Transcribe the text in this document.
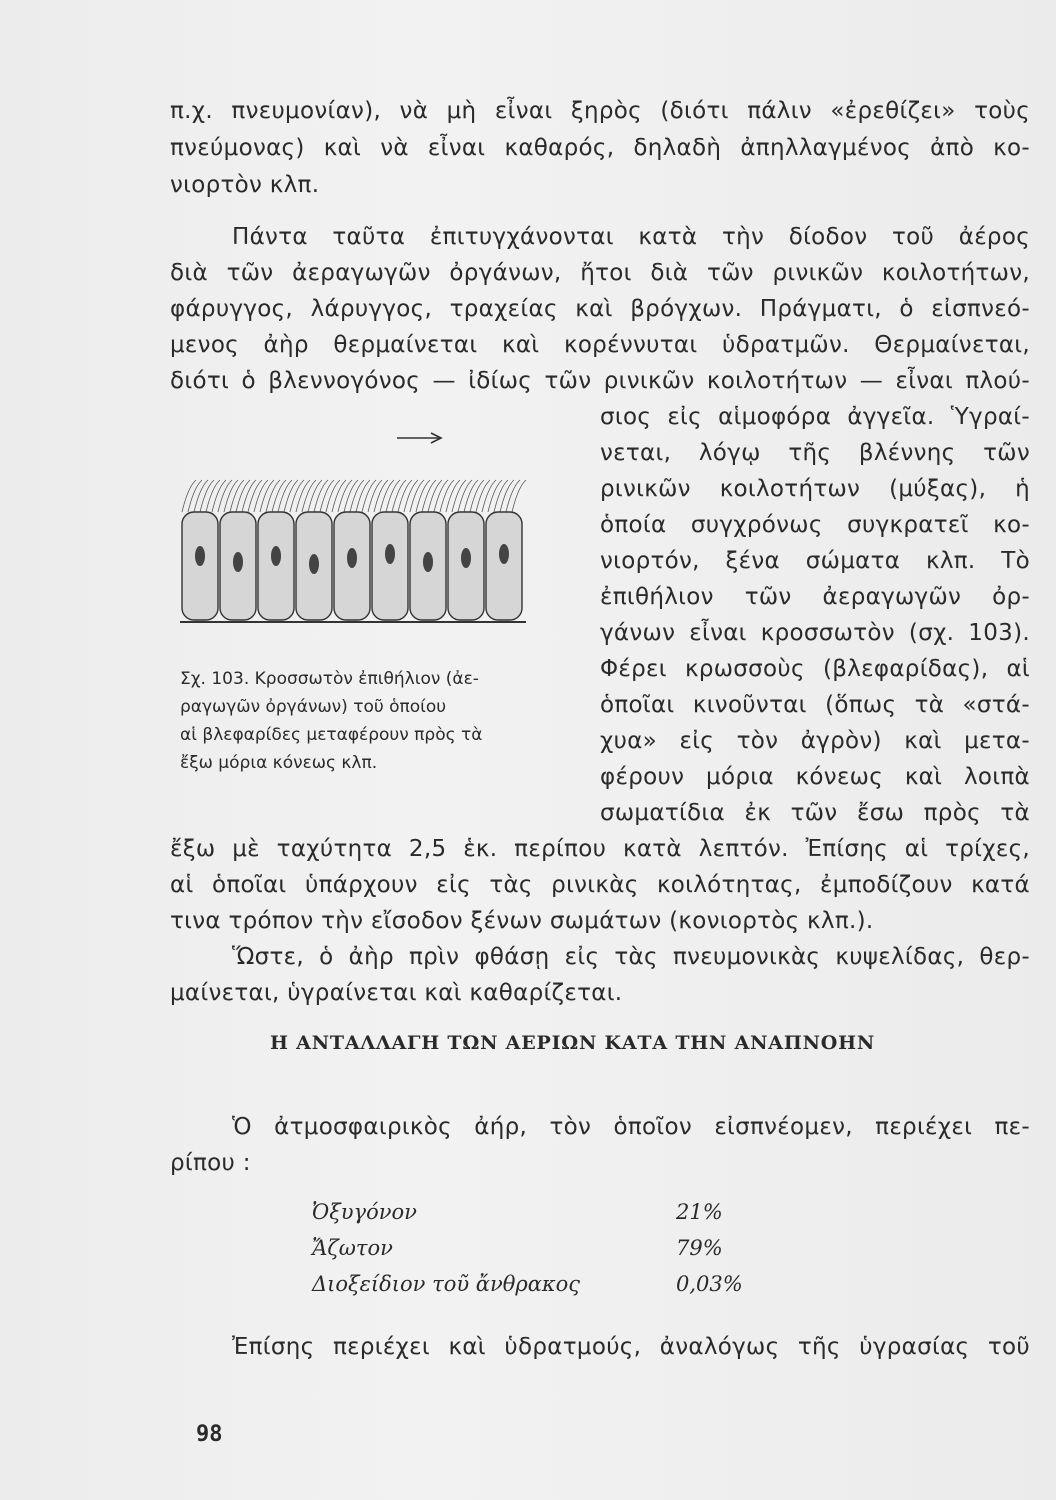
π.χ. πνευμονίαν), νὰ μὴ εἶναι ξηρὸς (διότι πάλιν «ἐρεθίζει» τοὺς
πνεύμονας) καὶ νὰ εἶναι καθαρός, δηλαδὴ ἀπηλλαγμένος ἀπὸ κο-
νιορτὸν κλπ.
Πάντα ταῦτα ἐπιτυγχάνονται κατὰ τὴν δίοδον τοῦ ἀέρος
διὰ τῶν ἀεραγωγῶν ὀργάνων, ἤτοι διὰ τῶν ρινικῶν κοιλοτήτων,
φάρυγγος, λάρυγγος, τραχείας καὶ βρόγχων. Πράγματι, ὁ εἰσπνεό-
μενος ἀὴρ θερμαίνεται καὶ κορέννυται ὑδρατμῶν. Θερμαίνεται,
διότι ὁ βλεννογόνος — ἰδίως τῶν ρινικῶν κοιλοτήτων — εἶναι πλού-
σιος εἰς αἱμοφόρα ἀγγεῖα. Ὑγραί-
νεται, λόγῳ τῆς βλέννης τῶν
ρινικῶν κοιλοτήτων (μύξας), ἡ
ὁποία συγχρόνως συγκρατεῖ κο-
νιορτόν, ξένα σώματα κλπ. Τὸ
ἐπιθήλιον τῶν ἀεραγωγῶν ὀρ-
γάνων εἶναι κροσσωτὸν (σχ. 103).
Φέρει κρωσσοὺς (βλεφαρίδας), αἱ
ὁποῖαι κινοῦνται (ὅπως τὰ «στά-
χυα» εἰς τὸν ἀγρὸν) καὶ μετα-
φέρουν μόρια κόνεως καὶ λοιπὰ
σωματίδια ἐκ τῶν ἔσω πρὸς τὰ
Σχ. 103. Κροσσωτὸν ἐπιθήλιον (ἀε-
ραγωγῶν ὀργάνων) τοῦ ὁποίου
αἱ βλεφαρίδες μεταφέρουν πρὸς τὰ
ἔξω μόρια κόνεως κλπ.
ἔξω μὲ ταχύτητα 2,5 ἑκ. περίπου κατὰ λεπτόν. Ἐπίσης αἱ τρίχες,
αἱ ὁποῖαι ὑπάρχουν εἰς τὰς ρινικὰς κοιλότητας, ἐμποδίζουν κατά
τινα τρόπον τὴν εἴσοδον ξένων σωμάτων (κονιορτὸς κλπ.).
Ὥστε, ὁ ἀὴρ πρὶν φθάσῃ εἰς τὰς πνευμονικὰς κυψελίδας, θερ-
μαίνεται, ὑγραίνεται καὶ καθαρίζεται.
Η ΑΝΤΑΛΛΑΓΗ ΤΩΝ ΑΕΡΙΩΝ ΚΑΤΑ ΤΗΝ ΑΝΑΠΝΟΗΝ
Ὁ ἀτμοσφαιρικὸς ἀήρ, τὸν ὁποῖον εἰσπνέομεν, περιέχει πε-
ρίπου :
Ὀξυγόνον	21%
Ἄζωτον	79%
Διοξείδιον τοῦ ἄνθρακος	0,03%
Ἐπίσης περιέχει καὶ ὑδρατμούς, ἀναλόγως τῆς ὑγρασίας τοῦ
98
